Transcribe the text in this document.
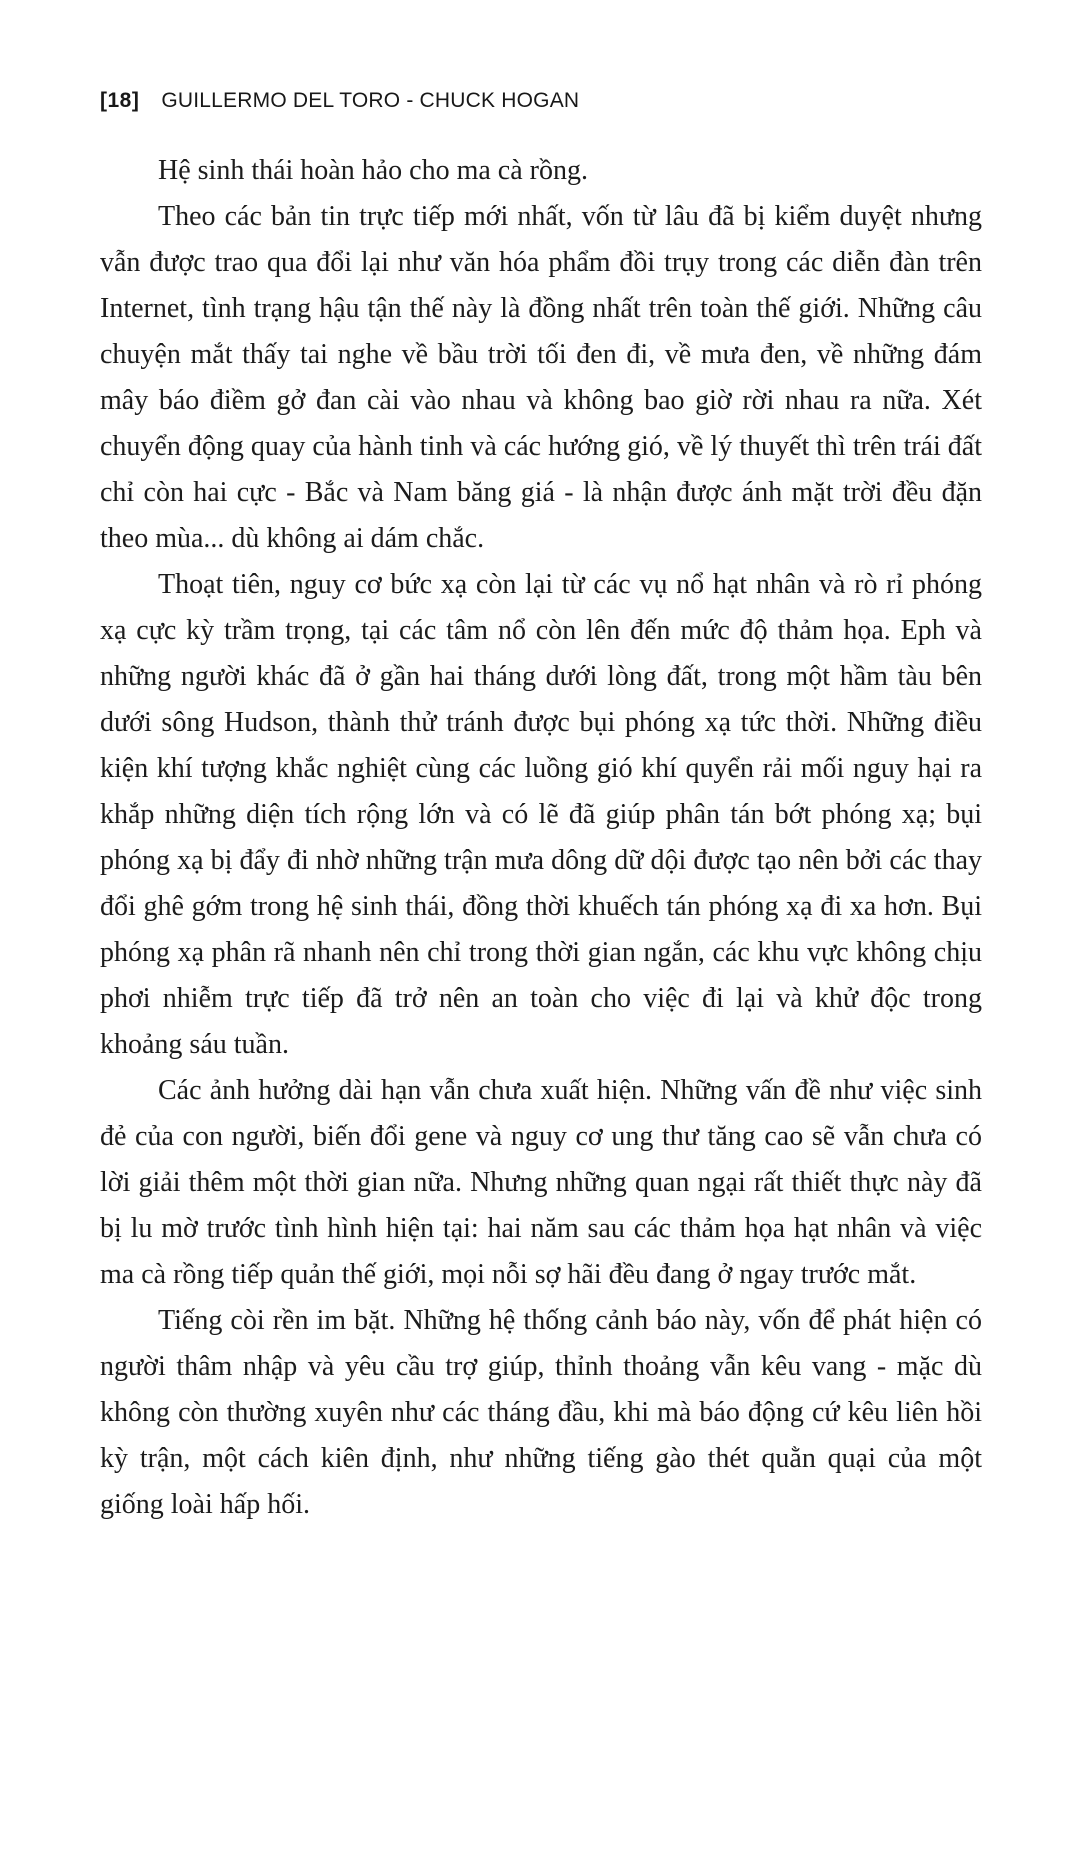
[18] GUILLERMO DEL TORO - CHUCK HOGAN

Hệ sinh thái hoàn hảo cho ma cà rồng.

Theo các bản tin trực tiếp mới nhất, vốn từ lâu đã bị kiểm duyệt nhưng vẫn được trao qua đổi lại như văn hóa phẩm đồi trụy trong các diễn đàn trên Internet, tình trạng hậu tận thế này là đồng nhất trên toàn thế giới. Những câu chuyện mắt thấy tai nghe về bầu trời tối đen đi, về mưa đen, về những đám mây báo điềm gở đan cài vào nhau và không bao giờ rời nhau ra nữa. Xét chuyển động quay của hành tinh và các hướng gió, về lý thuyết thì trên trái đất chỉ còn hai cực - Bắc và Nam băng giá - là nhận được ánh mặt trời đều đặn theo mùa... dù không ai dám chắc.

Thoạt tiên, nguy cơ bức xạ còn lại từ các vụ nổ hạt nhân và rò rỉ phóng xạ cực kỳ trầm trọng, tại các tâm nổ còn lên đến mức độ thảm họa. Eph và những người khác đã ở gần hai tháng dưới lòng đất, trong một hầm tàu bên dưới sông Hudson, thành thử tránh được bụi phóng xạ tức thời. Những điều kiện khí tượng khắc nghiệt cùng các luồng gió khí quyển rải mối nguy hại ra khắp những diện tích rộng lớn và có lẽ đã giúp phân tán bớt phóng xạ; bụi phóng xạ bị đẩy đi nhờ những trận mưa dông dữ dội được tạo nên bởi các thay đổi ghê gớm trong hệ sinh thái, đồng thời khuếch tán phóng xạ đi xa hơn. Bụi phóng xạ phân rã nhanh nên chỉ trong thời gian ngắn, các khu vực không chịu phơi nhiễm trực tiếp đã trở nên an toàn cho việc đi lại và khử độc trong khoảng sáu tuần.

Các ảnh hưởng dài hạn vẫn chưa xuất hiện. Những vấn đề như việc sinh đẻ của con người, biến đổi gene và nguy cơ ung thư tăng cao sẽ vẫn chưa có lời giải thêm một thời gian nữa. Nhưng những quan ngại rất thiết thực này đã bị lu mờ trước tình hình hiện tại: hai năm sau các thảm họa hạt nhân và việc ma cà rồng tiếp quản thế giới, mọi nỗi sợ hãi đều đang ở ngay trước mắt.

Tiếng còi rền im bặt. Những hệ thống cảnh báo này, vốn để phát hiện có người thâm nhập và yêu cầu trợ giúp, thỉnh thoảng vẫn kêu vang - mặc dù không còn thường xuyên như các tháng đầu, khi mà báo động cứ kêu liên hồi kỳ trận, một cách kiên định, như những tiếng gào thét quằn quại của một giống loài hấp hối.
